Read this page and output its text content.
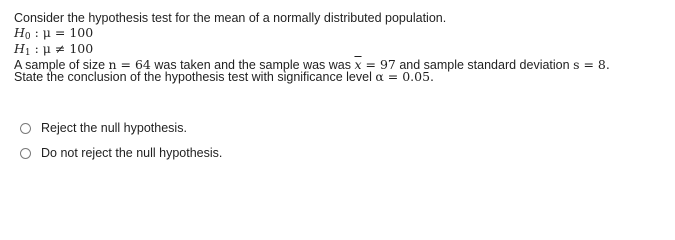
Consider the hypothesis test for the mean of a normally distributed population.

$H_0$ : μ = 100

$H_1$ : μ ≠ 100

A sample of size n = 64 was taken and the sample was was $\overline{x} = 97$ and sample standard deviation s = 8.

State the conclusion of the hypothesis test with significance level α = 0.05.

Reject the null hypothesis.
Do not reject the null hypothesis.
